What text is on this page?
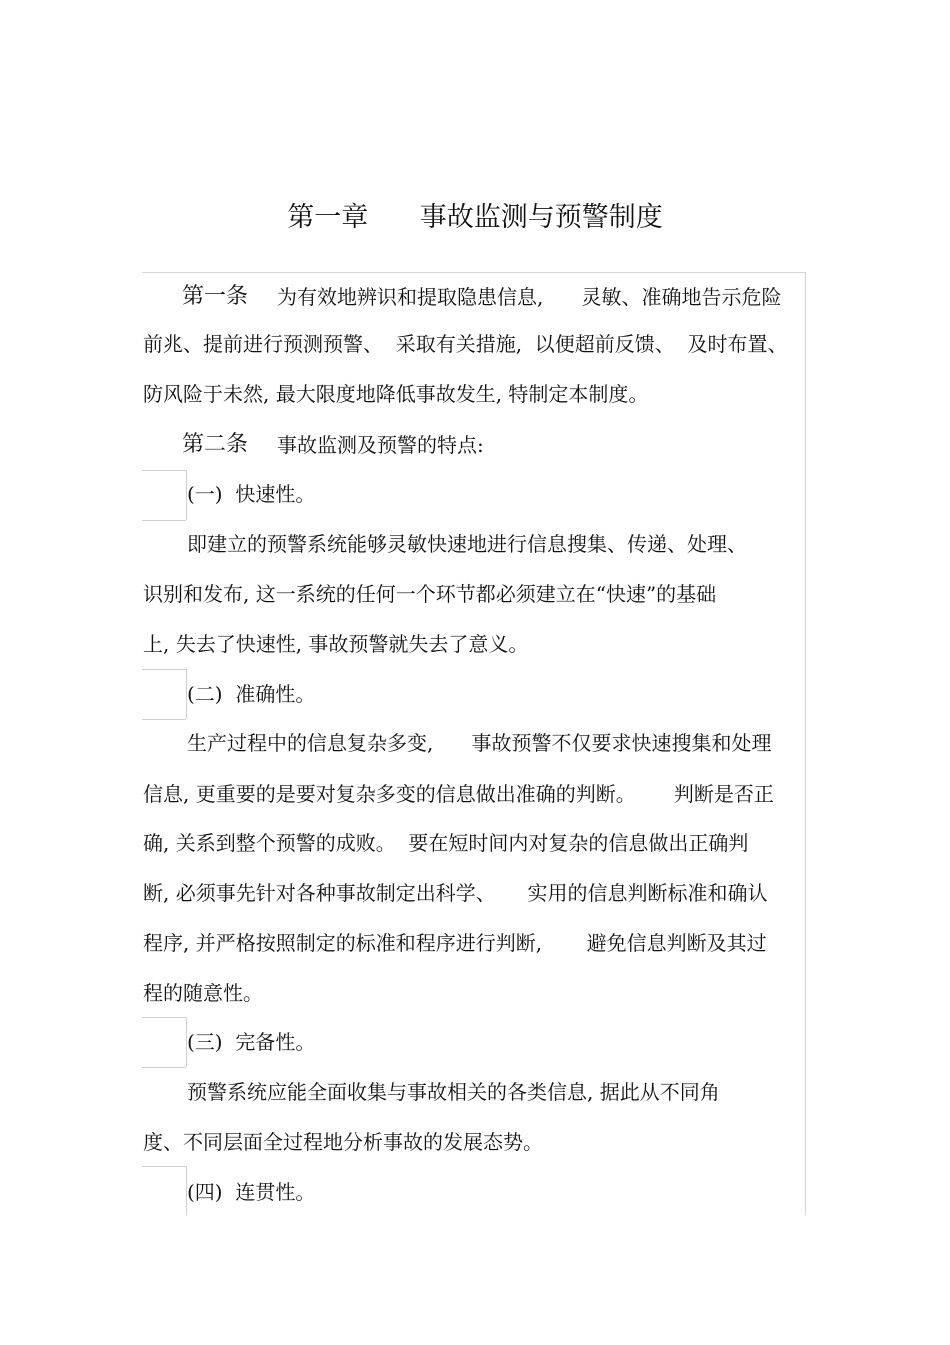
第一章      事故监测与预警制度
第一条 为有效地辨识和提取隐患信息,      灵敏、准确地告示危险
前兆、提前进行预测预警、  采取有关措施,  以便超前反馈、  及时布置、
防风险于未然, 最大限度地降低事故发生, 特制定本制度。
第二条 事故监测及预警的特点:
(一)  快速性。
即建立的预警系统能够灵敏快速地进行信息搜集、传递、处理、
识别和发布, 这一系统的任何一个环节都必须建立在“快速”的基础
上, 失去了快速性, 事故预警就失去了意义。
(二)  准确性。
生产过程中的信息复杂多变,      事故预警不仅要求快速搜集和处理
信息, 更重要的是要对复杂多变的信息做出准确的判断。      判断是否正
确, 关系到整个预警的成败。  要在短时间内对复杂的信息做出正确判
断, 必须事先针对各种事故制定出科学、     实用的信息判断标准和确认
程序, 并严格按照制定的标准和程序进行判断,       避免信息判断及其过
程的随意性。
(三)  完备性。
预警系统应能全面收集与事故相关的各类信息, 据此从不同角
度、不同层面全过程地分析事故的发展态势。
(四)  连贯性。
